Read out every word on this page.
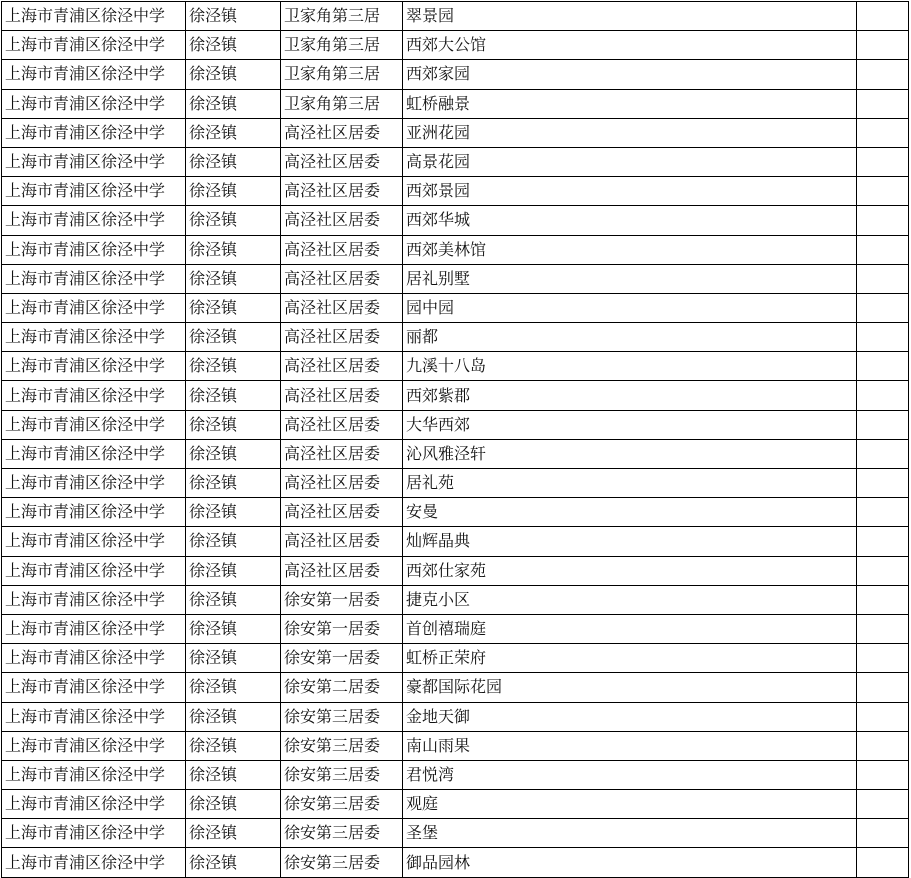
上海市青浦区徐泾中学	徐泾镇	卫家角第三居	翠景园	
上海市青浦区徐泾中学	徐泾镇	卫家角第三居	西郊大公馆	
上海市青浦区徐泾中学	徐泾镇	卫家角第三居	西郊家园	
上海市青浦区徐泾中学	徐泾镇	卫家角第三居	虹桥融景	
上海市青浦区徐泾中学	徐泾镇	高泾社区居委	亚洲花园	
上海市青浦区徐泾中学	徐泾镇	高泾社区居委	高景花园	
上海市青浦区徐泾中学	徐泾镇	高泾社区居委	西郊景园	
上海市青浦区徐泾中学	徐泾镇	高泾社区居委	西郊华城	
上海市青浦区徐泾中学	徐泾镇	高泾社区居委	西郊美林馆	
上海市青浦区徐泾中学	徐泾镇	高泾社区居委	居礼别墅	
上海市青浦区徐泾中学	徐泾镇	高泾社区居委	园中园	
上海市青浦区徐泾中学	徐泾镇	高泾社区居委	丽都	
上海市青浦区徐泾中学	徐泾镇	高泾社区居委	九溪十八岛	
上海市青浦区徐泾中学	徐泾镇	高泾社区居委	西郊紫郡	
上海市青浦区徐泾中学	徐泾镇	高泾社区居委	大华西郊	
上海市青浦区徐泾中学	徐泾镇	高泾社区居委	沁风雅泾轩	
上海市青浦区徐泾中学	徐泾镇	高泾社区居委	居礼苑	
上海市青浦区徐泾中学	徐泾镇	高泾社区居委	安曼	
上海市青浦区徐泾中学	徐泾镇	高泾社区居委	灿辉晶典	
上海市青浦区徐泾中学	徐泾镇	高泾社区居委	西郊仕家苑	
上海市青浦区徐泾中学	徐泾镇	徐安第一居委	捷克小区	
上海市青浦区徐泾中学	徐泾镇	徐安第一居委	首创禧瑞庭	
上海市青浦区徐泾中学	徐泾镇	徐安第一居委	虹桥正荣府	
上海市青浦区徐泾中学	徐泾镇	徐安第二居委	豪都国际花园	
上海市青浦区徐泾中学	徐泾镇	徐安第三居委	金地天御	
上海市青浦区徐泾中学	徐泾镇	徐安第三居委	南山雨果	
上海市青浦区徐泾中学	徐泾镇	徐安第三居委	君悦湾	
上海市青浦区徐泾中学	徐泾镇	徐安第三居委	观庭	
上海市青浦区徐泾中学	徐泾镇	徐安第三居委	圣堡	
上海市青浦区徐泾中学	徐泾镇	徐安第三居委	御品园林	
